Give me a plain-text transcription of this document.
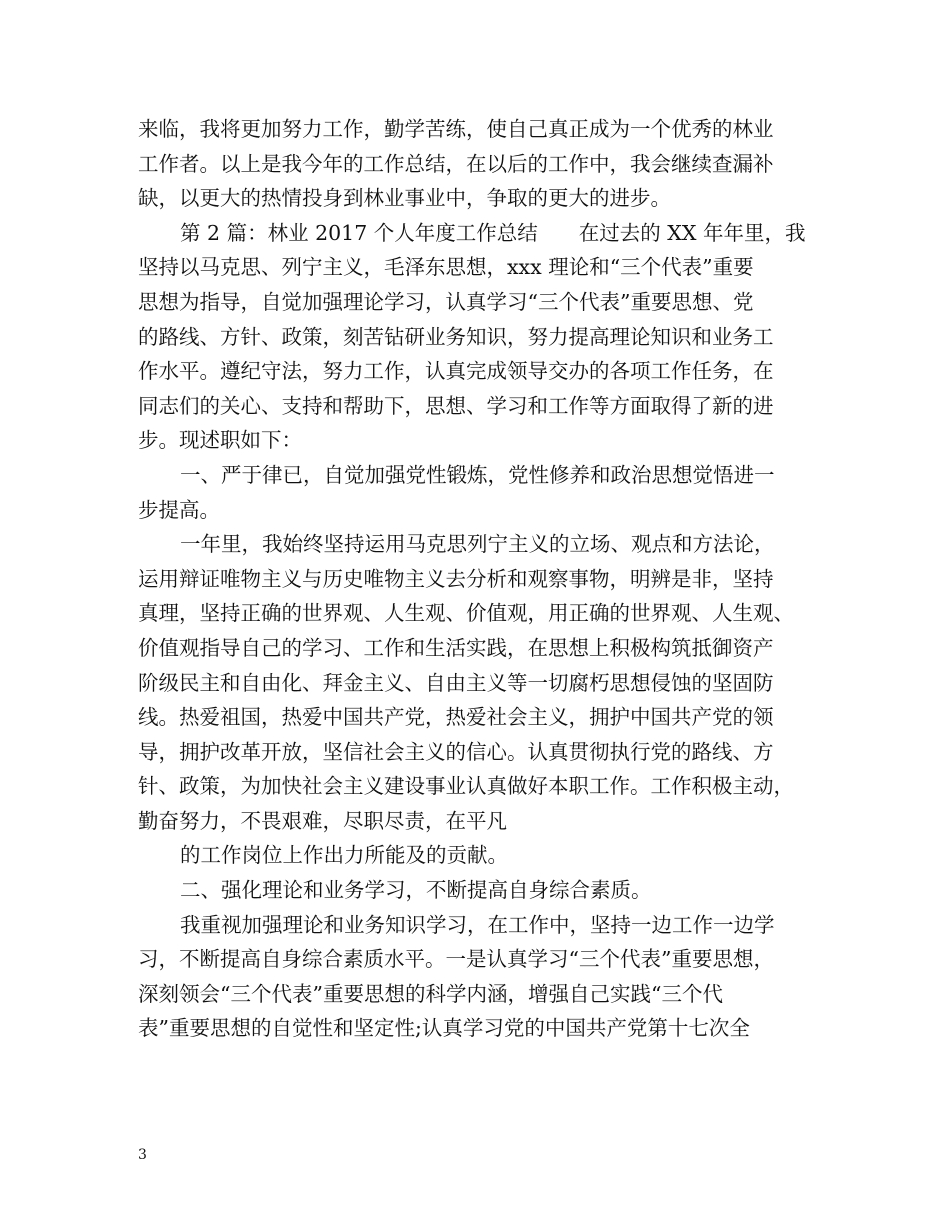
来临，我将更加努力工作，勤学苦练，使自己真正成为一个优秀的林业
工作者。以上是我今年的工作总结，在以后的工作中，我会继续查漏补
缺，以更大的热情投身到林业事业中，争取的更大的进步。
第 2 篇：林业 2017 个人年度工作总结　　在过去的 XX 年年里，我
坚持以马克思、列宁主义，毛泽东思想，xxx 理论和“三个代表”重要
思想为指导，自觉加强理论学习，认真学习“三个代表”重要思想、党
的路线、方针、政策，刻苦钻研业务知识，努力提高理论知识和业务工
作水平。遵纪守法，努力工作，认真完成领导交办的各项工作任务，在
同志们的关心、支持和帮助下，思想、学习和工作等方面取得了新的进
步。现述职如下：
一、严于律已，自觉加强党性锻炼，党性修养和政治思想觉悟进一
步提高。
一年里，我始终坚持运用马克思列宁主义的立场、观点和方法论，
运用辩证唯物主义与历史唯物主义去分析和观察事物，明辨是非，坚持
真理，坚持正确的世界观、人生观、价值观，用正确的世界观、人生观、
价值观指导自己的学习、工作和生活实践，在思想上积极构筑抵御资产
阶级民主和自由化、拜金主义、自由主义等一切腐朽思想侵蚀的坚固防
线。热爱祖国，热爱中国共产党，热爱社会主义，拥护中国共产党的领
导，拥护改革开放，坚信社会主义的信心。认真贯彻执行党的路线、方
针、政策，为加快社会主义建设事业认真做好本职工作。工作积极主动，
勤奋努力，不畏艰难，尽职尽责，在平凡
的工作岗位上作出力所能及的贡献。
二、强化理论和业务学习，不断提高自身综合素质。
我重视加强理论和业务知识学习，在工作中，坚持一边工作一边学
习，不断提高自身综合素质水平。一是认真学习“三个代表”重要思想，
深刻领会“三个代表”重要思想的科学内涵，增强自己实践“三个代
表”重要思想的自觉性和坚定性;认真学习党的中国共产党第十七次全
3
